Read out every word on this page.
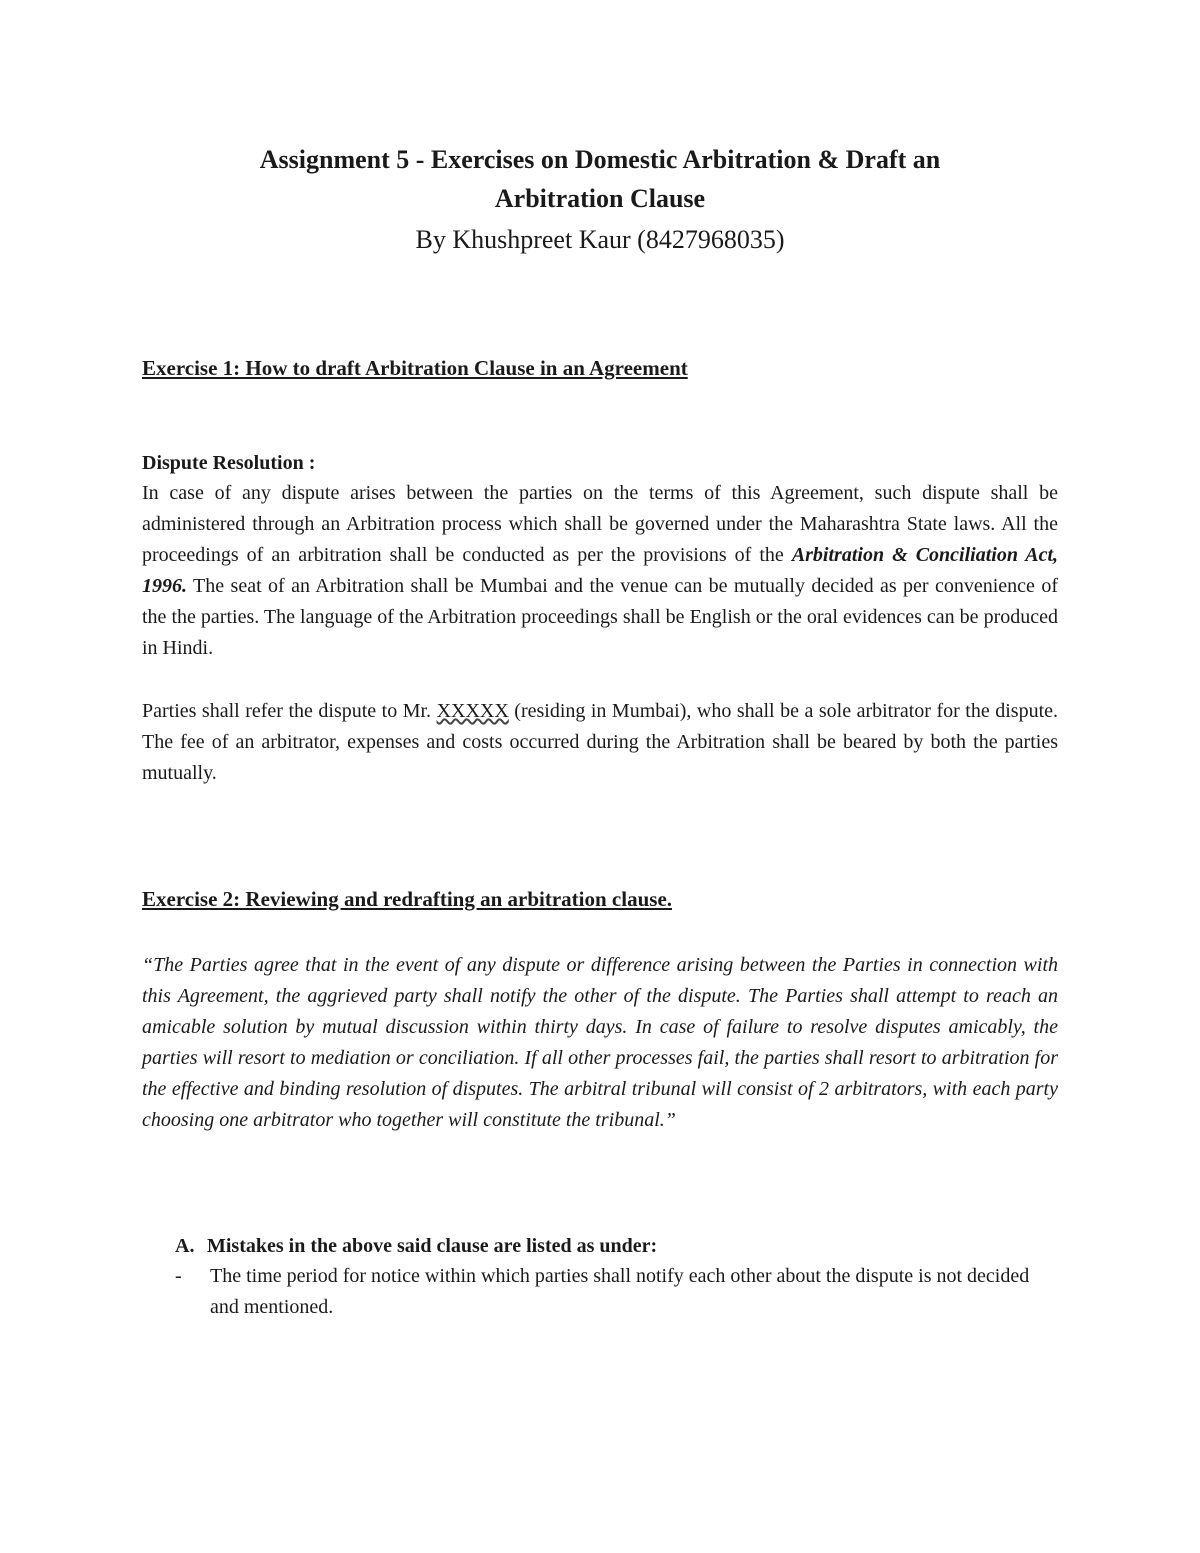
Assignment 5 - Exercises on Domestic Arbitration & Draft an

Arbitration Clause

By Khushpreet Kaur (8427968035)

Exercise 1: How to draft Arbitration Clause in an Agreement

Dispute Resolution :

In case of any dispute arises between the parties on the terms of this Agreement, such dispute shall be administered through an Arbitration process which shall be governed under the Maharashtra State laws. All the proceedings of an arbitration shall be conducted as per the provisions of the Arbitration & Conciliation Act, 1996. The seat of an Arbitration shall be Mumbai and the venue can be mutually decided as per convenience of the the parties. The language of the Arbitration proceedings shall be English or the oral evidences can be produced in Hindi.

Parties shall refer the dispute to Mr. XXXXX (residing in Mumbai), who shall be a sole arbitrator for the dispute. The fee of an arbitrator, expenses and costs occurred during the Arbitration shall be beared by both the parties mutually.

Exercise 2: Reviewing and redrafting an arbitration clause.

“The Parties agree that in the event of any dispute or difference arising between the Parties in connection with this Agreement, the aggrieved party shall notify the other of the dispute. The Parties shall attempt to reach an amicable solution by mutual discussion within thirty days. In case of failure to resolve disputes amicably, the parties will resort to mediation or conciliation. If all other processes fail, the parties shall resort to arbitration for the effective and binding resolution of disputes. The arbitral tribunal will consist of 2 arbitrators, with each party choosing one arbitrator who together will constitute the tribunal.”

A. Mistakes in the above said clause are listed as under:

- The time period for notice within which parties shall notify each other about the dispute is not decided and mentioned.
